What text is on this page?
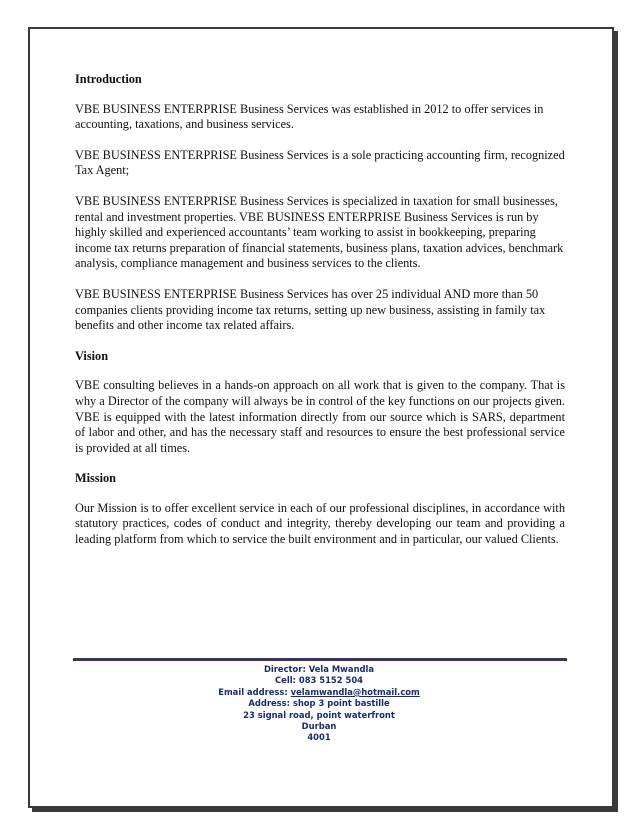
Introduction

VBE BUSINESS ENTERPRISE Business Services was established in 2012 to offer services in accounting, taxations, and business services.

VBE BUSINESS ENTERPRISE Business Services is a sole practicing accounting firm, recognized Tax Agent;

VBE BUSINESS ENTERPRISE Business Services is specialized in taxation for small businesses, rental and investment properties. VBE BUSINESS ENTERPRISE Business Services is run by highly skilled and experienced accountants’ team working to assist in bookkeeping, preparing income tax returns preparation of financial statements, business plans, taxation advices, benchmark analysis, compliance management and business services to the clients.

VBE BUSINESS ENTERPRISE Business Services has over 25 individual AND more than 50 companies clients providing income tax returns, setting up new business, assisting in family tax benefits and other income tax related affairs.

Vision

VBE consulting believes in a hands-on approach on all work that is given to the company. That is why a Director of the company will always be in control of the key functions on our projects given. VBE is equipped with the latest information directly from our source which is SARS, department of labor and other, and has the necessary staff and resources to ensure the best professional service is provided at all times.

Mission

Our Mission is to offer excellent service in each of our professional disciplines, in accordance with statutory practices, codes of conduct and integrity, thereby developing our team and providing a leading platform from which to service the built environment and in particular, our valued Clients.

Director: Vela Mwandla
Cell: 083 5152 504
Email address: velamwandla@hotmail.com
Address: shop 3 point bastille
23 signal road, point waterfront
Durban
4001
